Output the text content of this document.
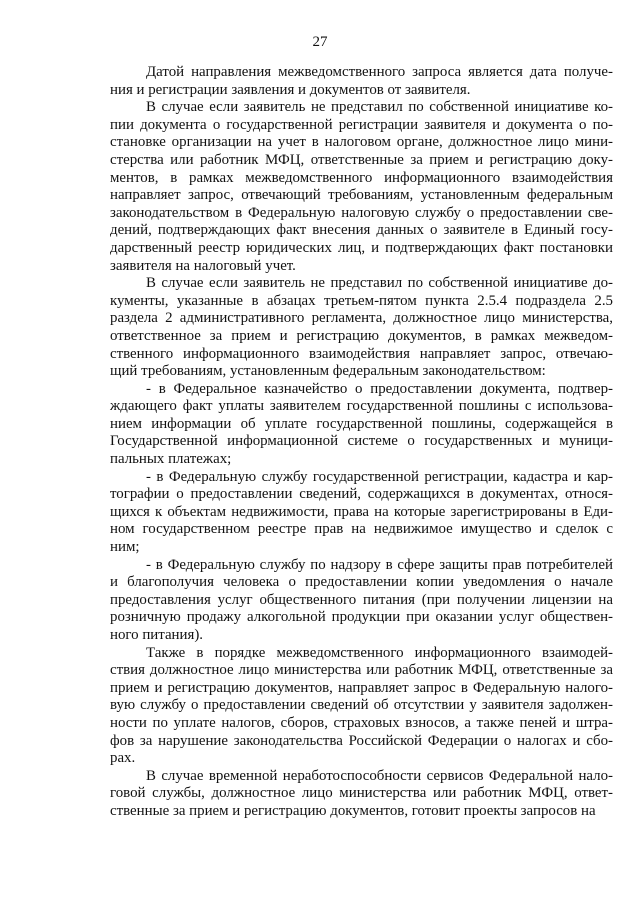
27
Датой направления межведомственного запроса является дата получе-
ния и регистрации заявления и документов от заявителя.
В случае если заявитель не представил по собственной инициативе ко-
пии документа о государственной регистрации заявителя и документа о по-
становке организации на учет в налоговом органе, должностное лицо мини-
стерства или работник МФЦ, ответственные за прием и регистрацию доку-
ментов, в рамках межведомственного информационного взаимодействия
направляет запрос, отвечающий требованиям, установленным федеральным
законодательством в Федеральную налоговую службу о предоставлении све-
дений, подтверждающих факт внесения данных о заявителе в Единый госу-
дарственный реестр юридических лиц, и подтверждающих факт постановки
заявителя на налоговый учет.
В случае если заявитель не представил по собственной инициативе до-
кументы, указанные в абзацах третьем-пятом пункта 2.5.4 подраздела 2.5
раздела 2 административного регламента, должностное лицо министерства,
ответственное за прием и регистрацию документов, в рамках межведом-
ственного информационного взаимодействия направляет запрос, отвечаю-
щий требованиям, установленным федеральным законодательством:
- в Федеральное казначейство о предоставлении документа, подтвер-
ждающего факт уплаты заявителем государственной пошлины с использова-
нием информации об уплате государственной пошлины, содержащейся в
Государственной информационной системе о государственных и муници-
пальных платежах;
- в Федеральную службу государственной регистрации, кадастра и кар-
тографии о предоставлении сведений, содержащихся в документах, относя-
щихся к объектам недвижимости, права на которые зарегистрированы в Еди-
ном государственном реестре прав на недвижимое имущество и сделок с
ним;
- в Федеральную службу по надзору в сфере защиты прав потребителей
и благополучия человека о предоставлении копии уведомления о начале
предоставления услуг общественного питания (при получении лицензии на
розничную продажу алкогольной продукции при оказании услуг обществен-
ного питания).
Также в порядке межведомственного информационного взаимодей-
ствия должностное лицо министерства или работник МФЦ, ответственные за
прием и регистрацию документов, направляет запрос в Федеральную налого-
вую службу о предоставлении сведений об отсутствии у заявителя задолжен-
ности по уплате налогов, сборов, страховых взносов, а также пеней и штра-
фов за нарушение законодательства Российской Федерации о налогах и сбо-
рах.
В случае временной неработоспособности сервисов Федеральной нало-
говой службы, должностное лицо министерства или работник МФЦ, ответ-
ственные за прием и регистрацию документов, готовит проекты запросов на
